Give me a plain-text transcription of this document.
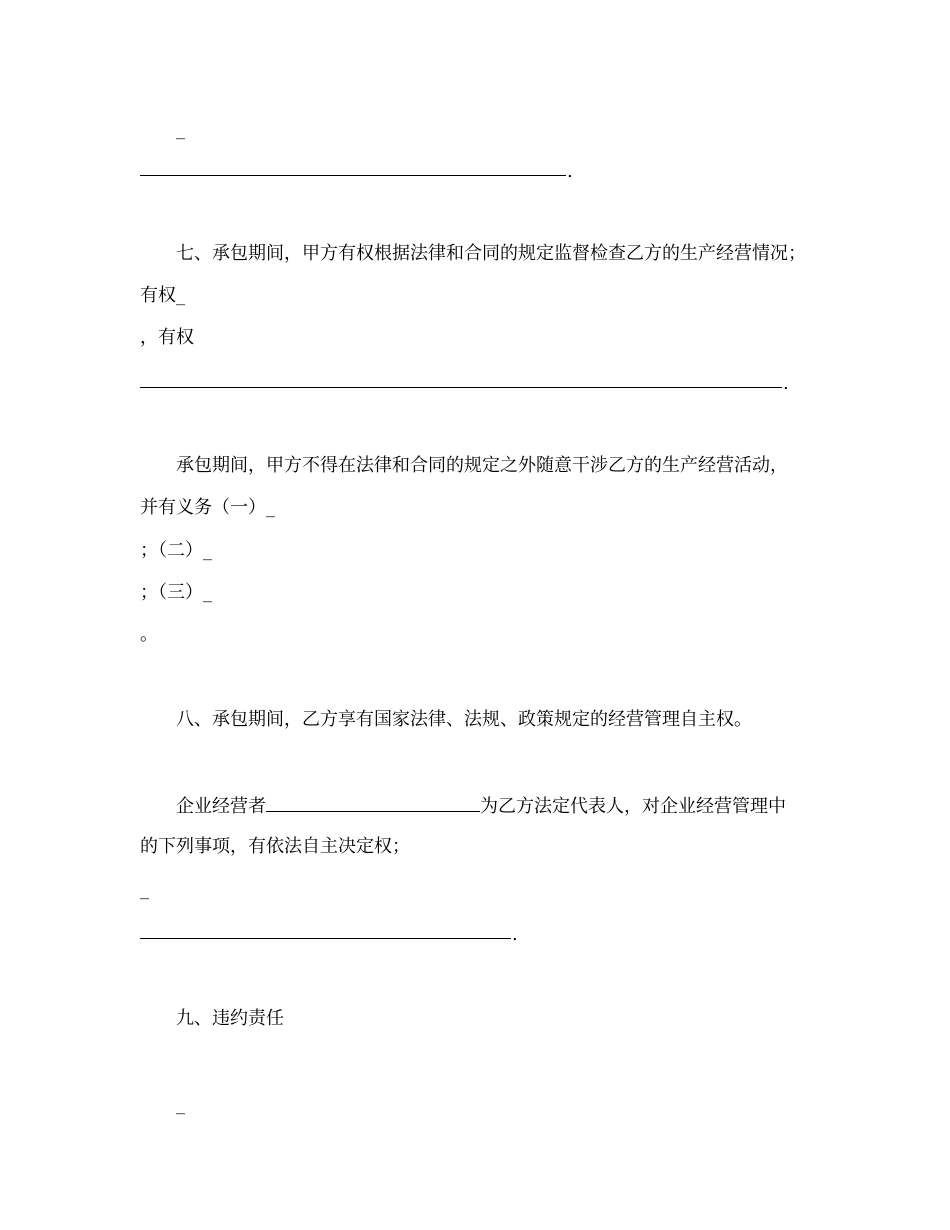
_
.
七、承包期间，甲方有权根据法律和合同的规定监督检查乙方的生产经营情况；
有权_
，有权
.
承包期间，甲方不得在法律和合同的规定之外随意干涉乙方的生产经营活动，
并有义务（一）_
；（二）_
；（三）_
。
八、承包期间，乙方享有国家法律、法规、政策规定的经营管理自主权。
企业经营者	为乙方法定代表人，对企业经营管理中
的下列事项，有依法自主决定权；
_
.
九、违约责任
_
